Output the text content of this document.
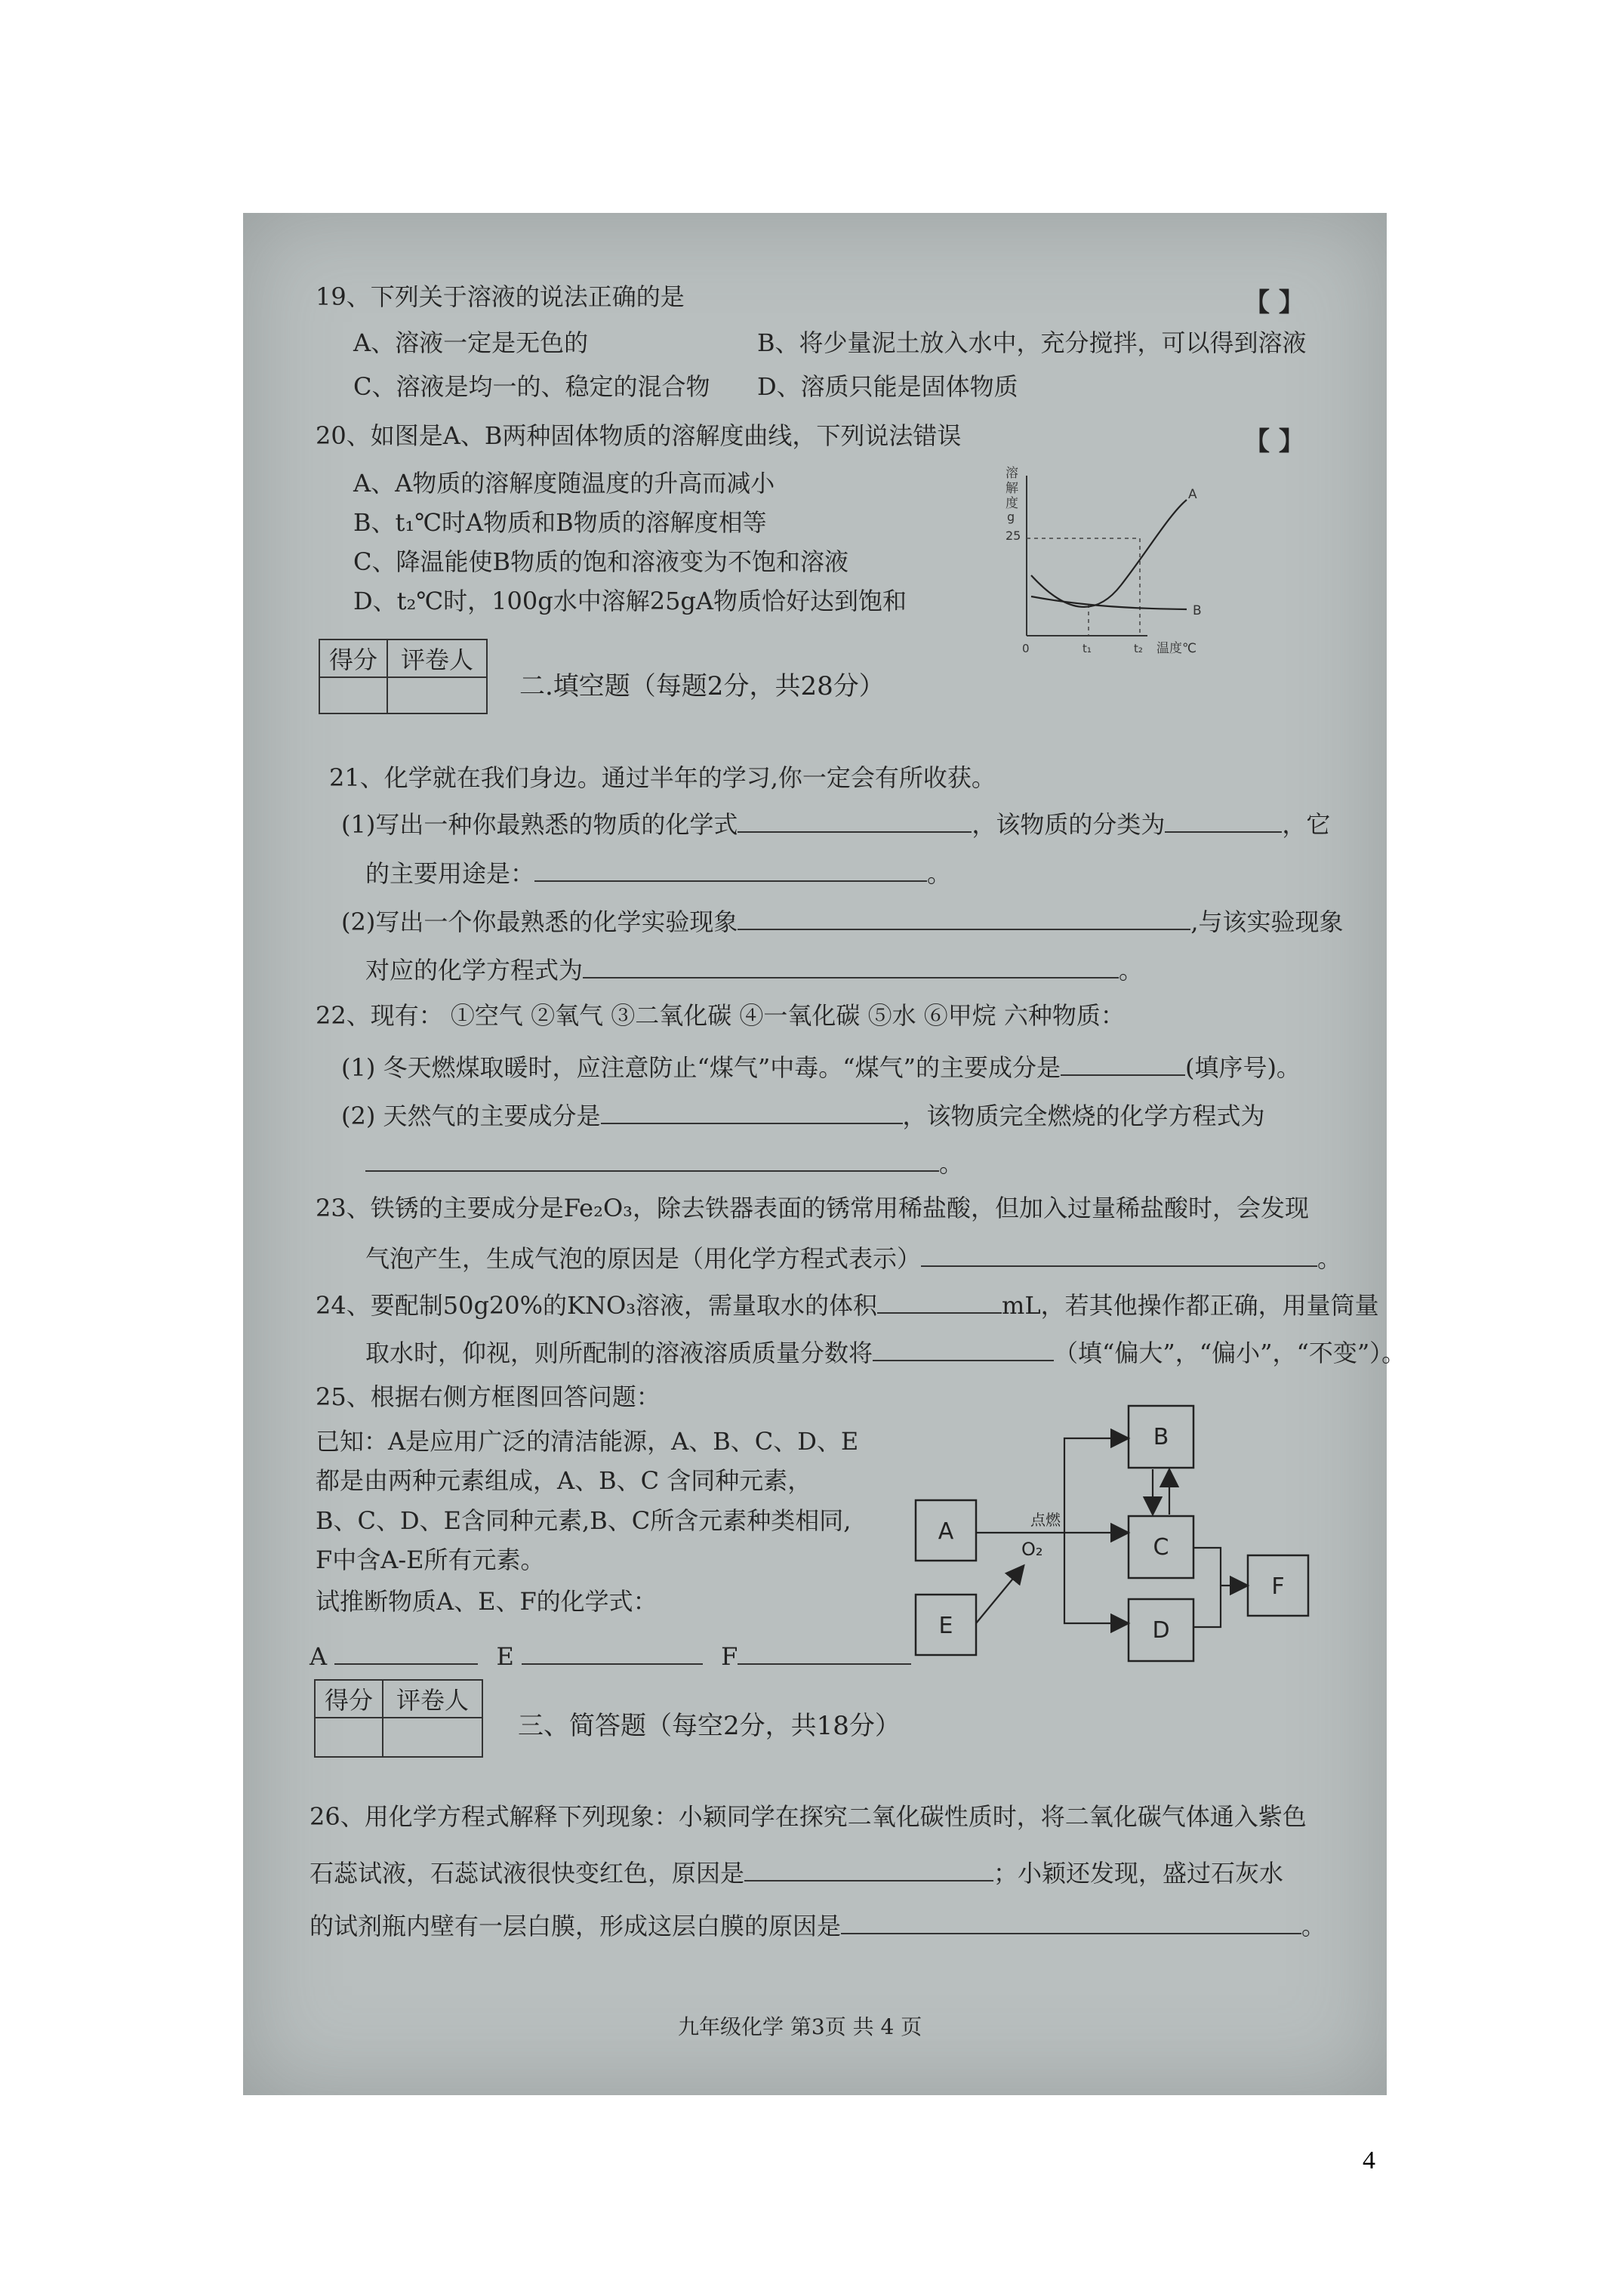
19、下列关于溶液的说法正确的是	【 】
A、溶液一定是无色的	B、将少量泥土放入水中，充分搅拌，可以得到溶液
C、溶液是均一的、稳定的混合物 D、溶质只能是固体物质
20、如图是A、B两种固体物质的溶解度曲线，下列说法错误	【 】
A、A物质的溶解度随温度的升高而减小
B、t₁℃时A物质和B物质的溶解度相等
C、降温能使B物质的饱和溶液变为不饱和溶液
D、t₂℃时，100g水中溶解25gA物质恰好达到饱和
溶
解
度
g
25
A
B
0	t₁	t₂ 温度℃
得分	评卷人

二.填空题（每题2分，共28分）
21、化学就在我们身边。通过半年的学习,你一定会有所收获。
(1)写出一种你最熟悉的物质的化学式	，该物质的分类为	，它
的主要用途是：	。
(2)写出一个你最熟悉的化学实验现象	,与该实验现象
对应的化学方程式为	。
22、现有： ①空气 ②氧气 ③二氧化碳 ④一氧化碳 ⑤水 ⑥甲烷 六种物质：
(1) 冬天燃煤取暖时，应注意防止“煤气”中毒。“煤气”的主要成分是	(填序号)。
(2) 天然气的主要成分是	，该物质完全燃烧的化学方程式为
。
23、铁锈的主要成分是Fe₂O₃，除去铁器表面的锈常用稀盐酸，但加入过量稀盐酸时，会发现
气泡产生，生成气泡的原因是（用化学方程式表示）	。
24、要配制50g20%的KNO₃溶液，需量取水的体积	mL，若其他操作都正确，用量筒量
取水时，仰视，则所配制的溶液溶质质量分数将	（填“偏大”，“偏小”，“不变”）。
25、根据右侧方框图回答问题：
已知：A是应用广泛的清洁能源，A、B、C、D、E
都是由两种元素组成，A、B、C 含同种元素，
B、C、D、E含同种元素,B、C所含元素种类相同,
F中含A-E所有元素。
试推断物质A、E、F的化学式：
A	E	F
A
B
C
D
E
F
点燃
O₂
得分	评卷人

三、简答题（每空2分，共18分）
26、用化学方程式解释下列现象：小颖同学在探究二氧化碳性质时，将二氧化碳气体通入紫色
石蕊试液，石蕊试液很快变红色，原因是	；小颖还发现，盛过石灰水
的试剂瓶内壁有一层白膜，形成这层白膜的原因是	。
九年级化学 第3页 共 4 页
4
